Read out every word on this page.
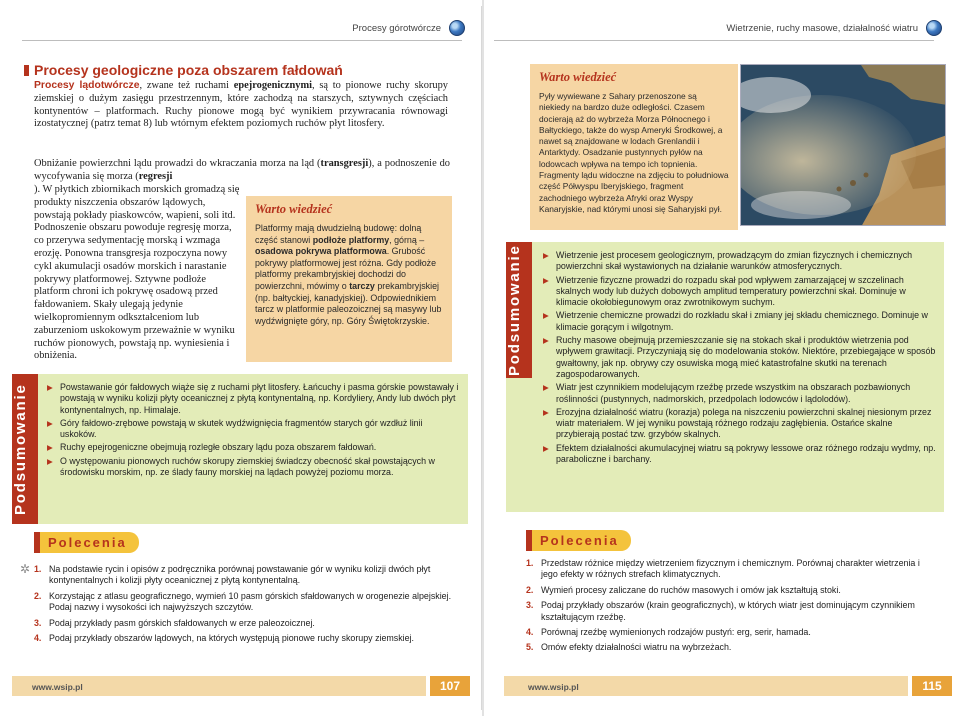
Procesy górotwórcze
Procesy geologiczne poza obszarem fałdowań
Procesy lądotwórcze, zwane też ruchami epejrogenicznymi, są to pionowe ruchy skorupy ziemskiej o dużym zasięgu przestrzennym, które zachodzą na starszych, sztywnych częściach kontynentów – platformach. Ruchy pionowe mogą być wynikiem przywracania równowagi izostatycznej (patrz temat 8) lub wtórnym efektem poziomych ruchów płyt litosfery.
Obniżanie powierzchni lądu prowadzi do wkraczania morza na ląd (transgresji), a podnoszenie do wycofywania się morza (regresji
). W płytkich zbiornikach morskich gromadzą się produkty niszczenia obszarów lądowych, powstają pokłady piaskowców, wapieni, soli itd. Podnoszenie obszaru powoduje regresję morza, co przerywa sedymentację morską i wzmaga erozję. Ponowna transgresja rozpoczyna nowy cykl akumulacji osadów morskich i narastanie pokrywy platformowej. Sztywne podłoże platform chroni ich pokrywę osadową przed fałdowaniem. Skały ulegają jedynie wielkopromiennym odkształceniom lub zaburzeniom uskokowym przeważnie w wyniku ruchów pionowych, powstają np. wyniesienia i obniżenia.
Warto wiedzieć
Platformy mają dwudzielną budowę: dolną część stanowi podłoże platformy, górną – osadowa pokrywa platformowa. Grubość pokrywy platformowej jest różna. Gdy podłoże platformy prekambryjskiej dochodzi do powierzchni, mówimy o tarczy prekambryjskiej (np. bałtyckiej, kanadyjskiej). Odpowiednikiem tarcz w platformie paleozoicznej są masywy lub wydźwignięte góry, np. Góry Świętokrzyskie.
Podsumowanie	▶ Powstawanie gór fałdowych wiąże się z ruchami płyt litosfery. Łańcuchy i pasma górskie powstawały i powstają w wyniku kolizji płyty oceanicznej z płytą kontynentalną, np. Kordyliery, Andy lub dwóch płyt kontynentalnych, np. Himalaje.
▶ Góry fałdowo-zrębowe powstają w skutek wydźwignięcia fragmentów starych gór wzdłuż linii uskoków.
▶ Ruchy epejrogeniczne obejmują rozległe obszary lądu poza obszarem fałdowań.
▶ O występowaniu pionowych ruchów skorupy ziemskiej świadczy obecność skał powstających w środowisku morskim, np. ze ślady fauny morskiej na lądach powyżej poziomu morza.
Polecenia
✲ 1. Na podstawie rycin i opisów z podręcznika porównaj powstawanie gór w wyniku kolizji dwóch płyt kontynentalnych i kolizji płyty oceanicznej z płytą kontynentalną.
2. Korzystając z atlasu geograficznego, wymień 10 pasm górskich sfałdowanych w orogenezie alpejskiej. Podaj nazwy i wysokości ich najwyższych szczytów.
3. Podaj przykłady pasm górskich sfałdowanych w erze paleozoicznej.
4. Podaj przykłady obszarów lądowych, na których występują pionowe ruchy skorupy ziemskiej.
www.wsip.pl	107
Wietrzenie, ruchy masowe, działalność wiatru
Warto wiedzieć
Pyły wywiewane z Sahary przenoszone są niekiedy na bardzo duże odległości. Czasem docierają aż do wybrzeża Morza Północnego i Bałtyckiego, także do wysp Ameryki Środkowej, a nawet są znajdowane w lodach Grenlandii i Antarktydy. Osadzanie pustynnych pyłów na lodowcach wpływa na tempo ich topnienia. Fragmenty lądu widoczne na zdjęciu to południowa część Półwyspu Iberyjskiego, fragment zachodniego wybrzeża Afryki oraz Wyspy Kanaryjskie, nad którymi unosi się Saharyjski pył.
Podsumowanie	▶ Wietrzenie jest procesem geologicznym, prowadzącym do zmian fizycznych i chemicznych powierzchni skał wystawionych na działanie warunków atmosferycznych.
▶ Wietrzenie fizyczne prowadzi do rozpadu skał pod wpływem zamarzającej w szczelinach skalnych wody lub dużych dobowych amplitud temperatury powierzchni skał. Dominuje w klimacie okołobiegunowym oraz zwrotnikowym suchym.
▶ Wietrzenie chemiczne prowadzi do rozkładu skał i zmiany jej składu chemicznego. Dominuje w klimacie gorącym i wilgotnym.
▶ Ruchy masowe obejmują przemieszczanie się na stokach skał i produktów wietrzenia pod wpływem grawitacji. Przyczyniają się do modelowania stoków. Niektóre, przebiegające w sposób gwałtowny, jak np. obrywy czy osuwiska mogą mieć katastrofalne skutki na terenach zagospodarowanych.
▶ Wiatr jest czynnikiem modelującym rzeźbę przede wszystkim na obszarach pozbawionych roślinności (pustynnych, nadmorskich, przedpolach lodowców i lądolodów).
▶ Erozyjna działalność wiatru (korazja) polega na niszczeniu powierzchni skalnej niesionym przez wiatr materiałem. W jej wyniku powstają różnego rodzaju zagłębienia. Ostańce skalne przybierają postać tzw. grzybów skalnych.
▶ Efektem działalności akumulacyjnej wiatru są pokrywy lessowe oraz różnego rodzaju wydmy, np. paraboliczne i barchany.
Polecenia
1. Przedstaw różnice między wietrzeniem fizycznym i chemicznym. Porównaj charakter wietrzenia i jego efekty w różnych strefach klimatycznych.
2. Wymień procesy zaliczane do ruchów masowych i omów jak kształtują stoki.
3. Podaj przykłady obszarów (krain geograficznych), w których wiatr jest dominującym czynnikiem kształtującym rzeźbę.
4. Porównaj rzeźbę wymienionych rodzajów pustyń: erg, serir, hamada.
5. Omów efekty działalności wiatru na wybrzeżach.
www.wsip.pl	115
